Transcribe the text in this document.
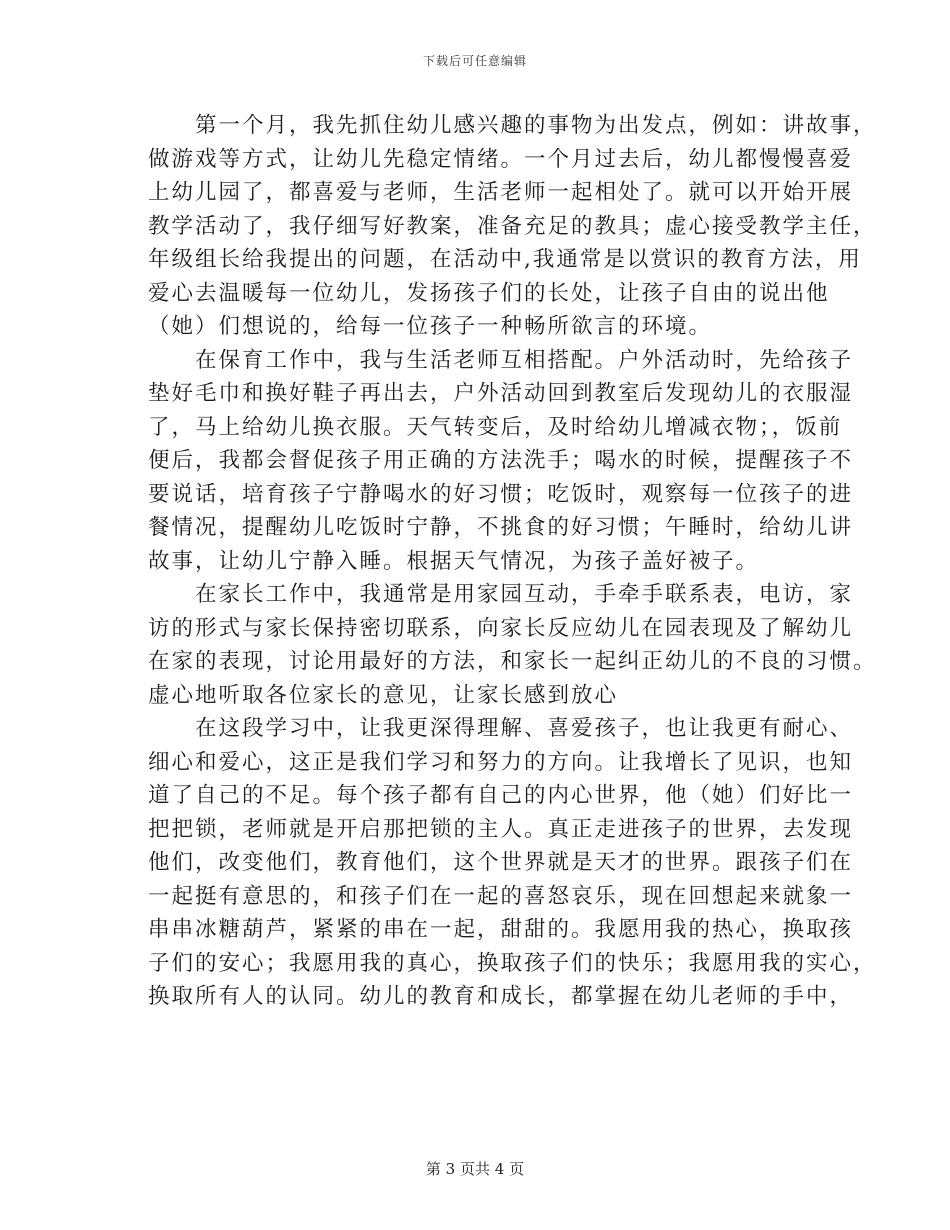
下载后可任意编辑

　　第一个月，我先抓住幼儿感兴趣的事物为出发点，例如：讲故事，
做游戏等方式，让幼儿先稳定情绪。一个月过去后，幼儿都慢慢喜爱
上幼儿园了，都喜爱与老师，生活老师一起相处了。就可以开始开展
教学活动了，我仔细写好教案，准备充足的教具；虚心接受教学主任，
年级组长给我提出的问题，在活动中,我通常是以赏识的教育方法，用
爱心去温暖每一位幼儿，发扬孩子们的长处，让孩子自由的说出他
（她）们想说的，给每一位孩子一种畅所欲言的环境。

　　在保育工作中，我与生活老师互相搭配。户外活动时，先给孩子
垫好毛巾和换好鞋子再出去，户外活动回到教室后发现幼儿的衣服湿
了，马上给幼儿换衣服。天气转变后，及时给幼儿增减衣物；，饭前
便后，我都会督促孩子用正确的方法洗手；喝水的时候，提醒孩子不
要说话，培育孩子宁静喝水的好习惯；吃饭时，观察每一位孩子的进
餐情况，提醒幼儿吃饭时宁静，不挑食的好习惯；午睡时，给幼儿讲
故事，让幼儿宁静入睡。根据天气情况，为孩子盖好被子。

　　在家长工作中，我通常是用家园互动，手牵手联系表，电访，家
访的形式与家长保持密切联系，向家长反应幼儿在园表现及了解幼儿
在家的表现，讨论用最好的方法，和家长一起纠正幼儿的不良的习惯。
虚心地听取各位家长的意见，让家长感到放心

　　在这段学习中，让我更深得理解、喜爱孩子，也让我更有耐心、
细心和爱心，这正是我们学习和努力的方向。让我增长了见识，也知
道了自己的不足。每个孩子都有自己的内心世界，他（她）们好比一
把把锁，老师就是开启那把锁的主人。真正走进孩子的世界，去发现
他们，改变他们，教育他们，这个世界就是天才的世界。跟孩子们在
一起挺有意思的，和孩子们在一起的喜怒哀乐，现在回想起来就象一
串串冰糖葫芦，紧紧的串在一起，甜甜的。我愿用我的热心，换取孩
子们的安心；我愿用我的真心，换取孩子们的快乐；我愿用我的实心，
换取所有人的认同。幼儿的教育和成长，都掌握在幼儿老师的手中，

第 3 页共 4 页
